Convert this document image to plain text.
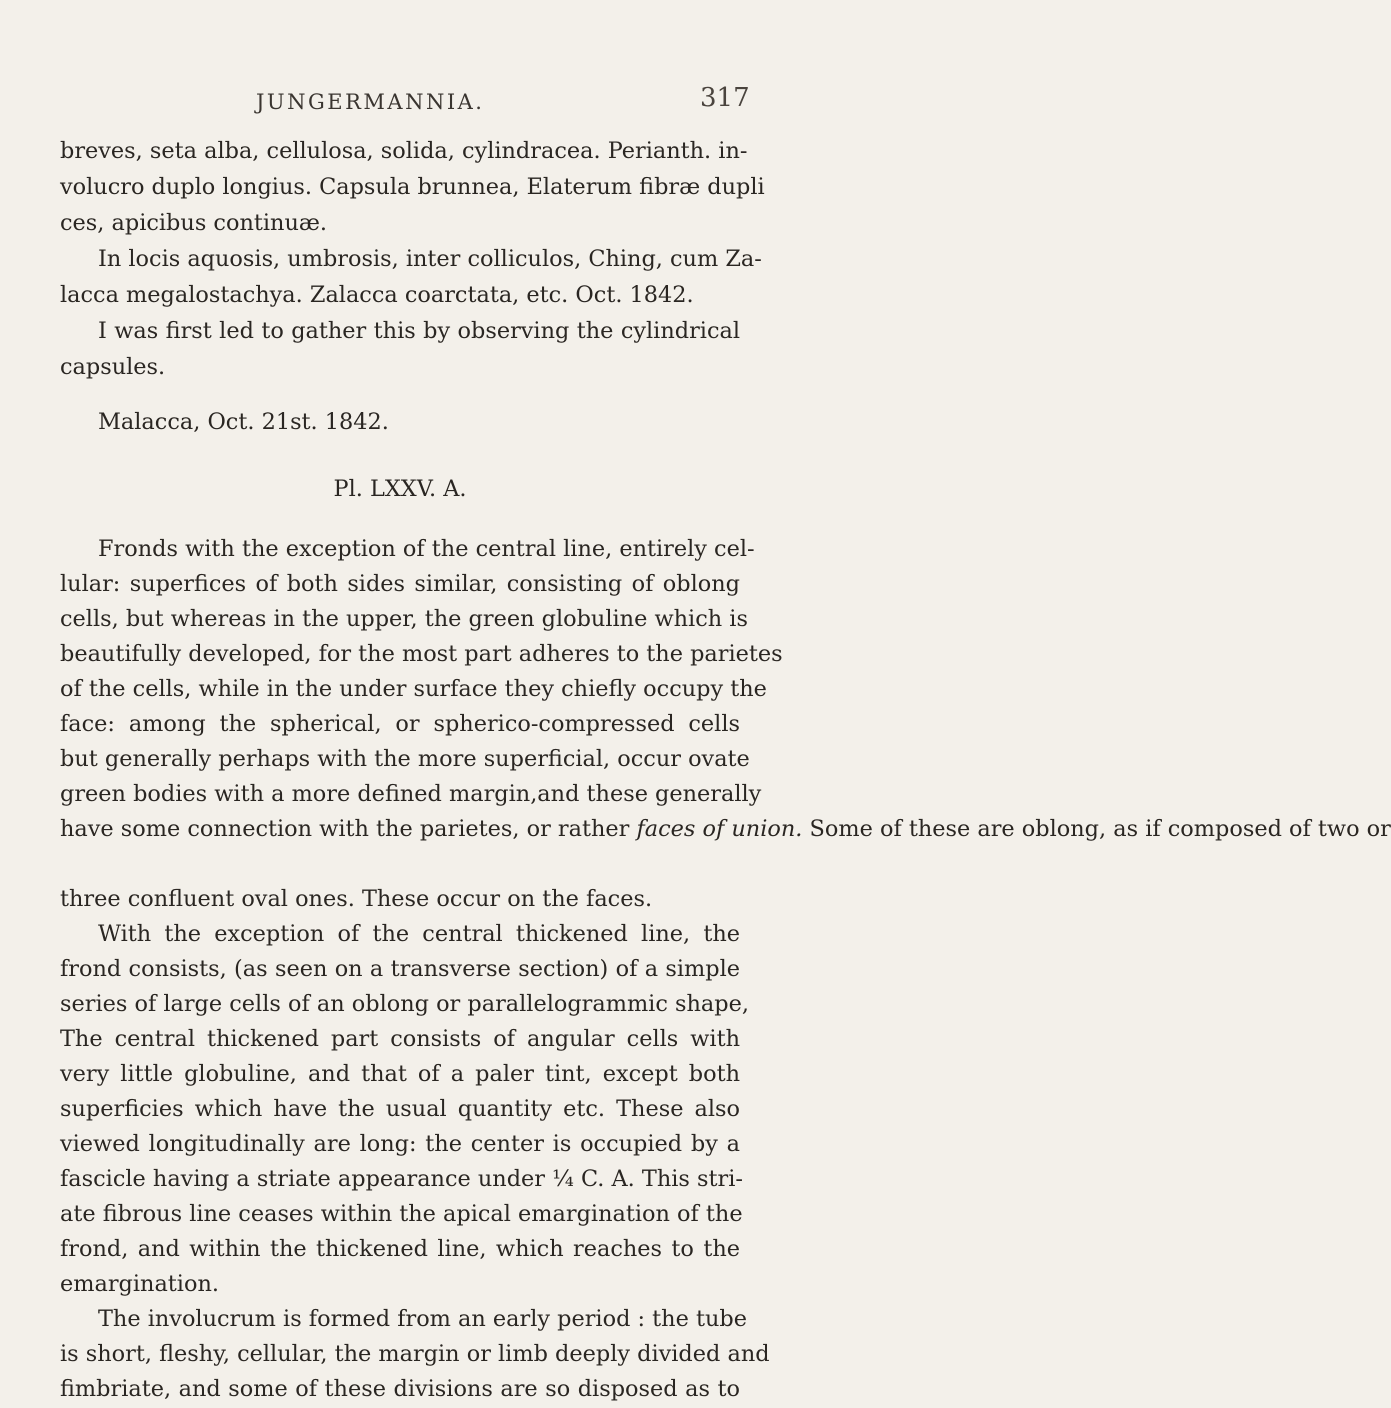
JUNGERMANNIA.	317
breves, seta alba, cellulosa, solida, cylindracea. Perianth. in-
volucro duplo longius. Capsula brunnea, Elaterum fibræ dupli
ces, apicibus continuæ.
In locis aquosis, umbrosis, inter colliculos, Ching, cum Za-
lacca megalostachya. Zalacca coarctata, etc. Oct. 1842.
I was first led to gather this by observing the cylindrical
capsules.
Malacca, Oct. 21st. 1842.
Pl. LXXV. A.
Fronds with the exception of the central line, entirely cel-
lular: superfices of both sides similar, consisting of oblong
cells, but whereas in the upper, the green globuline which is
beautifully developed, for the most part adheres to the parietes
of the cells, while in the under surface they chiefly occupy the
face: among the spherical, or spherico-compressed cells
but generally perhaps with the more superficial, occur ovate
green bodies with a more defined margin,and these generally
have some connection with the parietes, or rather faces of union. Some of these are oblong, as if composed of two or
three confluent oval ones. These occur on the faces.
With the exception of the central thickened line, the
frond consists, (as seen on a transverse section) of a simple
series of large cells of an oblong or parallelogrammic shape,
The central thickened part consists of angular cells with
very little globuline, and that of a paler tint, except both
superficies which have the usual quantity etc. These also
viewed longitudinally are long: the center is occupied by a
fascicle having a striate appearance under ¼ C. A. This stri-
ate fibrous line ceases within the apical emargination of the
frond, and within the thickened line, which reaches to the
emargination.
The involucrum is formed from an early period : the tube
is short, fleshy, cellular, the margin or limb deeply divided and
fimbriate, and some of these divisions are so disposed as to
